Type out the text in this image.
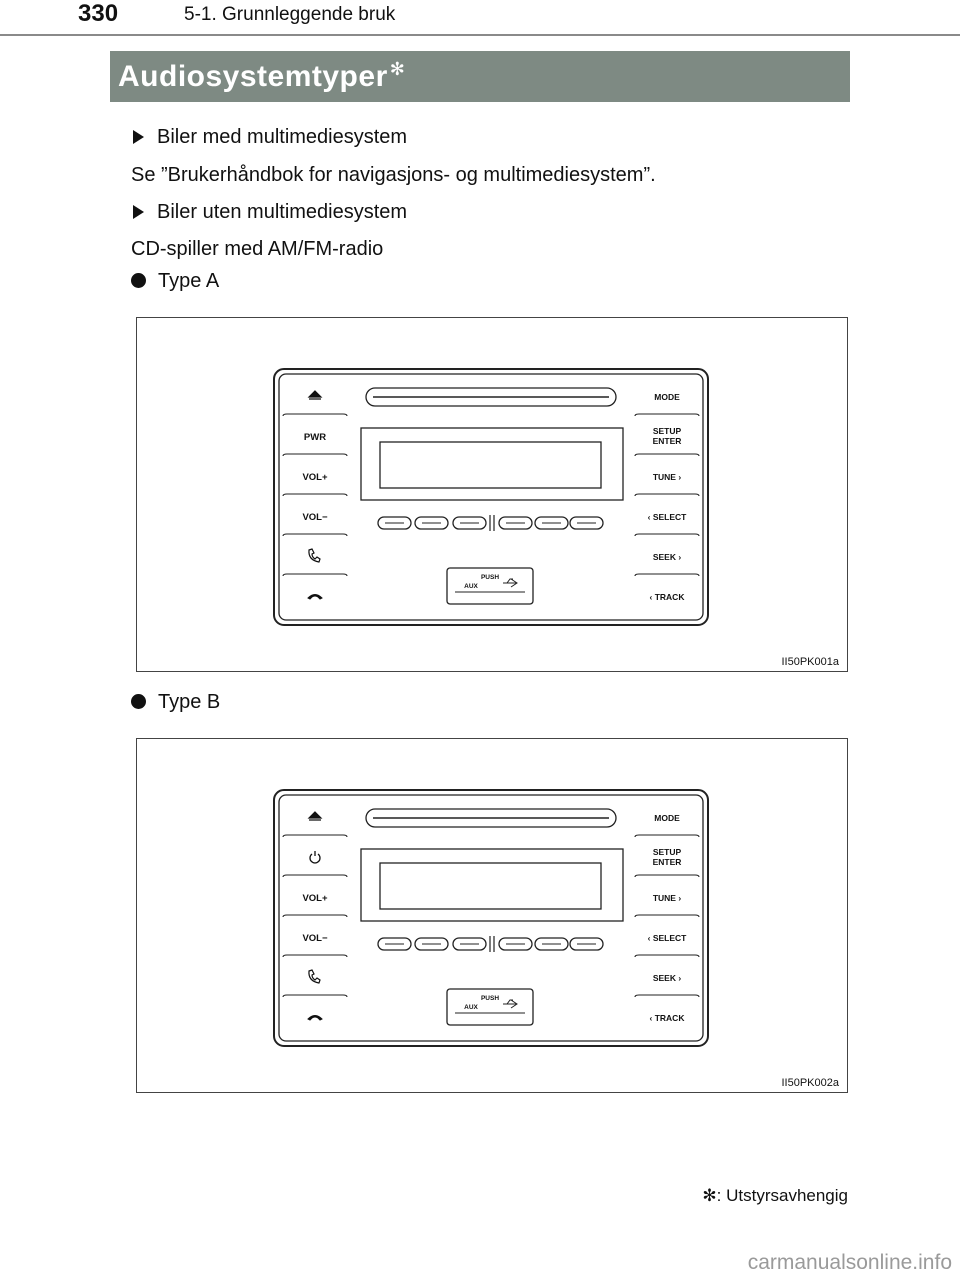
330	5-1. Grunnleggende bruk
Audiosystemtyper ✻
Biler med multimediesystem
Se ”Brukerhåndbok for navigasjons- og multimediesystem”.
Biler uten multimediesystem
CD-spiller med AM/FM-radio
Type A
PUSH
AUX
PWR
VOL+
VOL−
MODE
SETUP
ENTER
TUNE ›
‹ SELECT
SEEK ›
‹ TRACK
II50PK001a
Type B
PUSH
AUX
VOL+
VOL−
MODE
SETUP
ENTER
TUNE ›
‹ SELECT
SEEK ›
‹ TRACK
II50PK002a
✻: Utstyrsavhengig
carmanualsonline.info
